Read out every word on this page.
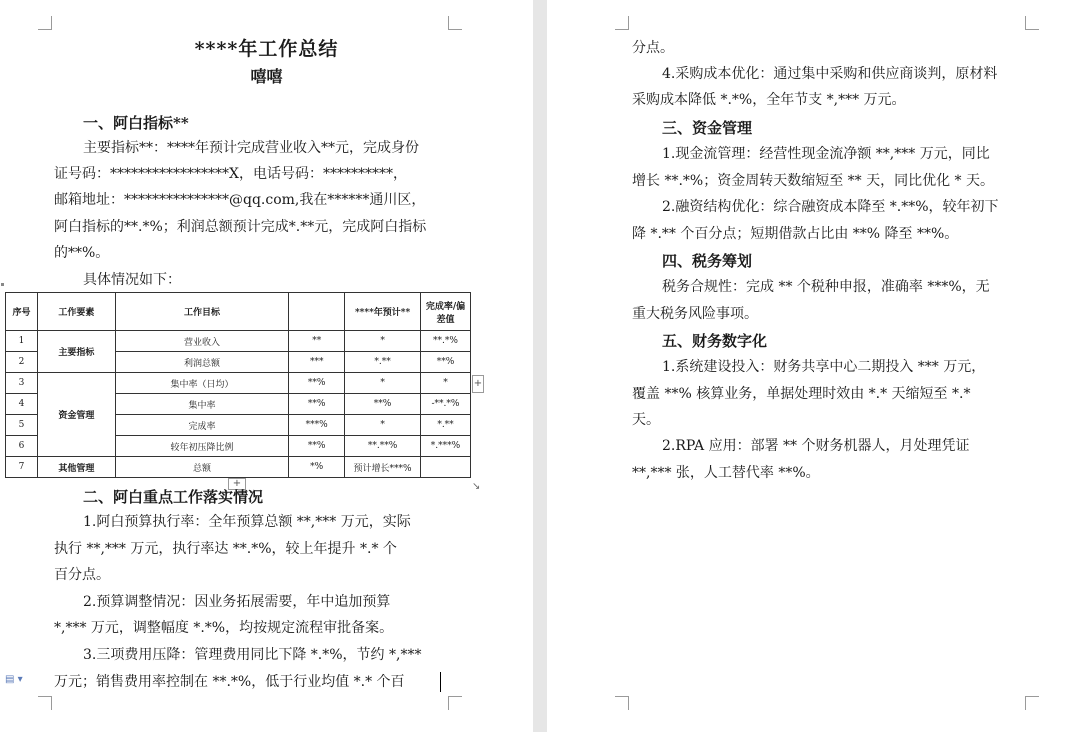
****年工作总结
嘻嘻
一、阿白指标**
主要指标**：****年预计完成营业收入**元，完成身份
证号码：*****************X，电话号码：**********，
邮箱地址：***************@qq.com,我在******通川区，
阿白指标的**.*%；利润总额预计完成*.**元，完成阿白指标
的**%。
具体情况如下：
序号	工作要素	工作目标		****年预计**	完成率/偏差值
1	主要指标	营业收入	**	*	**.*%
2		利润总额	***	*.**	**%
3	资金管理	集中率（日均）	**%	*	*
4		集中率	**%	**%	-**.*%
5		完成率	***%	*	*.**
6		较年初压降比例	**%	**.**%	*.***%
7	其他管理	总额	*%	预计增长***%	
+
+	↘
二、阿白重点工作落实情况
1.阿白预算执行率：全年预算总额 **,*** 万元，实际
执行 **,*** 万元，执行率达 **.*%，较上年提升 *.* 个
百分点。
2.预算调整情况：因业务拓展需要，年中追加预算
*,*** 万元，调整幅度 *.*%，均按规定流程审批备案。
3.三项费用压降：管理费用同比下降 *.*%，节约 *,***
万元；销售费用率控制在 **.*%，低于行业均值 *.* 个百
▤ ▾
分点。
4.采购成本优化：通过集中采购和供应商谈判，原材料
采购成本降低 *.*%，全年节支 *,*** 万元。
三、资金管理
1.现金流管理：经营性现金流净额 **,*** 万元，同比
增长 **.*%；资金周转天数缩短至 ** 天，同比优化 * 天。
2.融资结构优化：综合融资成本降至 *.**%，较年初下
降 *.** 个百分点；短期借款占比由 **% 降至 **%。
四、税务筹划
税务合规性：完成 ** 个税种申报，准确率 ***%，无
重大税务风险事项。
五、财务数字化
1.系统建设投入：财务共享中心二期投入 *** 万元，
覆盖 **% 核算业务，单据处理时效由 *.* 天缩短至 *.*
天。
2.RPA 应用：部署 ** 个财务机器人，月处理凭证
**,*** 张，人工替代率 **%。
